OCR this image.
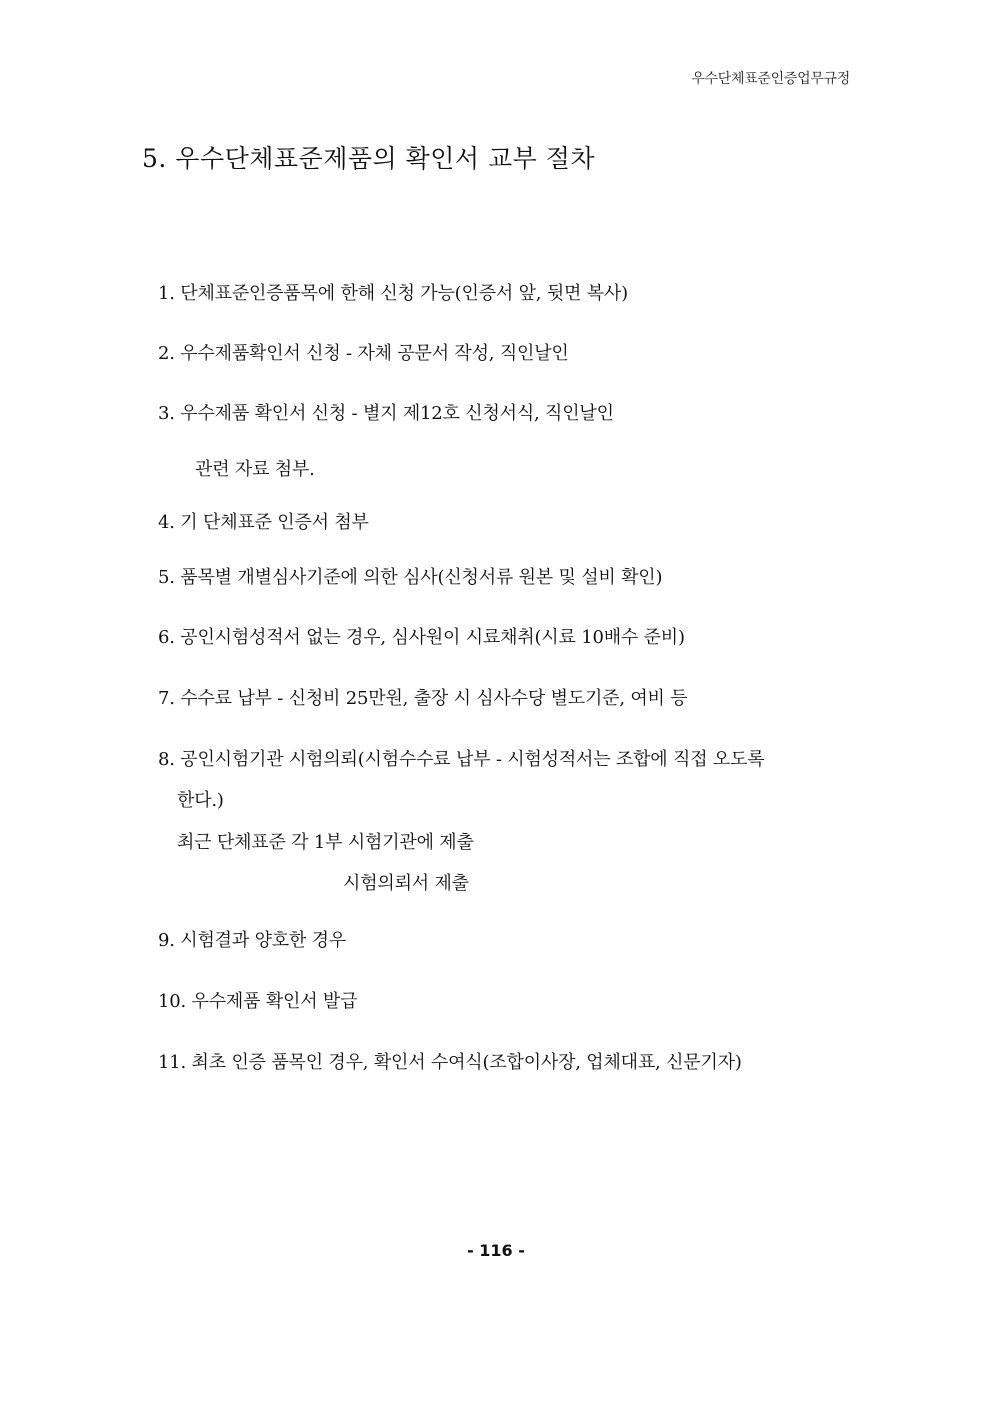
우수단체표준인증업무규정
5. 우수단체표준제품의 확인서 교부 절차
1. 단체표준인증품목에 한해 신청 가능(인증서 앞, 뒷면 복사)
2. 우수제품확인서 신청 - 자체 공문서 작성, 직인날인
3. 우수제품 확인서 신청 - 별지 제12호 신청서식, 직인날인
관련 자료 첨부.
4. 기 단체표준 인증서 첨부
5. 품목별 개별심사기준에 의한 심사(신청서류 원본 및 설비 확인)
6. 공인시험성적서 없는 경우, 심사원이 시료채취(시료 10배수 준비)
7. 수수료 납부 - 신청비 25만원, 출장 시 심사수당 별도기준, 여비 등
8. 공인시험기관 시험의뢰(시험수수료 납부 - 시험성적서는 조합에 직접 오도록
한다.)
최근 단체표준 각 1부 시험기관에 제출
시험의뢰서 제출
9. 시험결과 양호한 경우
10. 우수제품 확인서 발급
11. 최초 인증 품목인 경우, 확인서 수여식(조합이사장, 업체대표, 신문기자)
- 116 -
